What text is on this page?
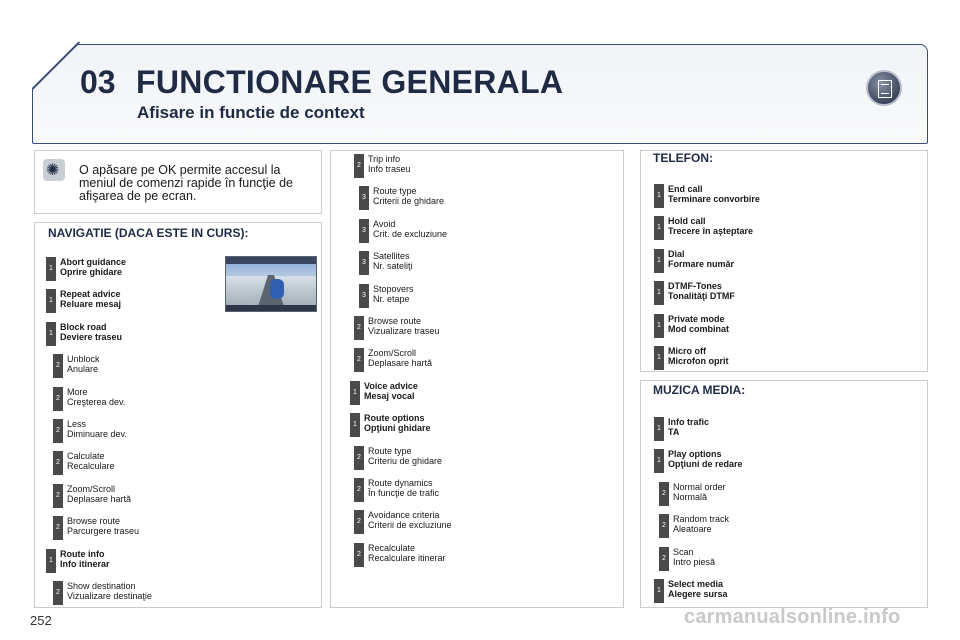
03 FUNCTIONARE GENERALA
Afisare in functie de context
✺
O apăsare pe OK permite accesul la meniul de comenzi rapide în funcţie de afişarea de pe ecran.
NAVIGATIE (DACA ESTE IN CURS):
1
Abort guidance
Oprire ghidare
1
Repeat advice
Reluare mesaj
1
Block road
Deviere traseu
2
Unblock
Anulare
2
More
Creşterea dev.
2
Less
Diminuare dev.
2
Calculate
Recalculare
2
Zoom/Scroll
Deplasare hartă
2
Browse route
Parcurgere traseu
1
Route info
Info itinerar
2
Show destination
Vizualizare destinaţie
2
Trip info
Info traseu
3
Route type
Criterii de ghidare
3
Avoid
Crit. de excluziune
3
Satellites
Nr. sateliţi
3
Stopovers
Nr. etape
2
Browse route
Vizualizare traseu
2
Zoom/Scroll
Deplasare hartă
1
Voice advice
Mesaj vocal
1
Route options
Opţiuni ghidare
2
Route type
Criteriu de ghidare
2
Route dynamics
În funcţie de trafic
2
Avoidance criteria
Criterii de excluziune
2
Recalculate
Recalculare itinerar
TELEFON:
1
End call
Terminare convorbire
1
Hold call
Trecere în aşteptare
1
Dial
Formare număr
1
DTMF-Tones
Tonalităţi DTMF
1
Private mode
Mod combinat
1
Micro off
Microfon oprit
MUZICA MEDIA:
1
Info trafic
TA
1
Play options
Opţiuni de redare
2
Normal order
Normală
2
Random track
Aleatoare
2
Scan
Intro piesă
1
Select media
Alegere sursa
252	carmanualsonline.info
